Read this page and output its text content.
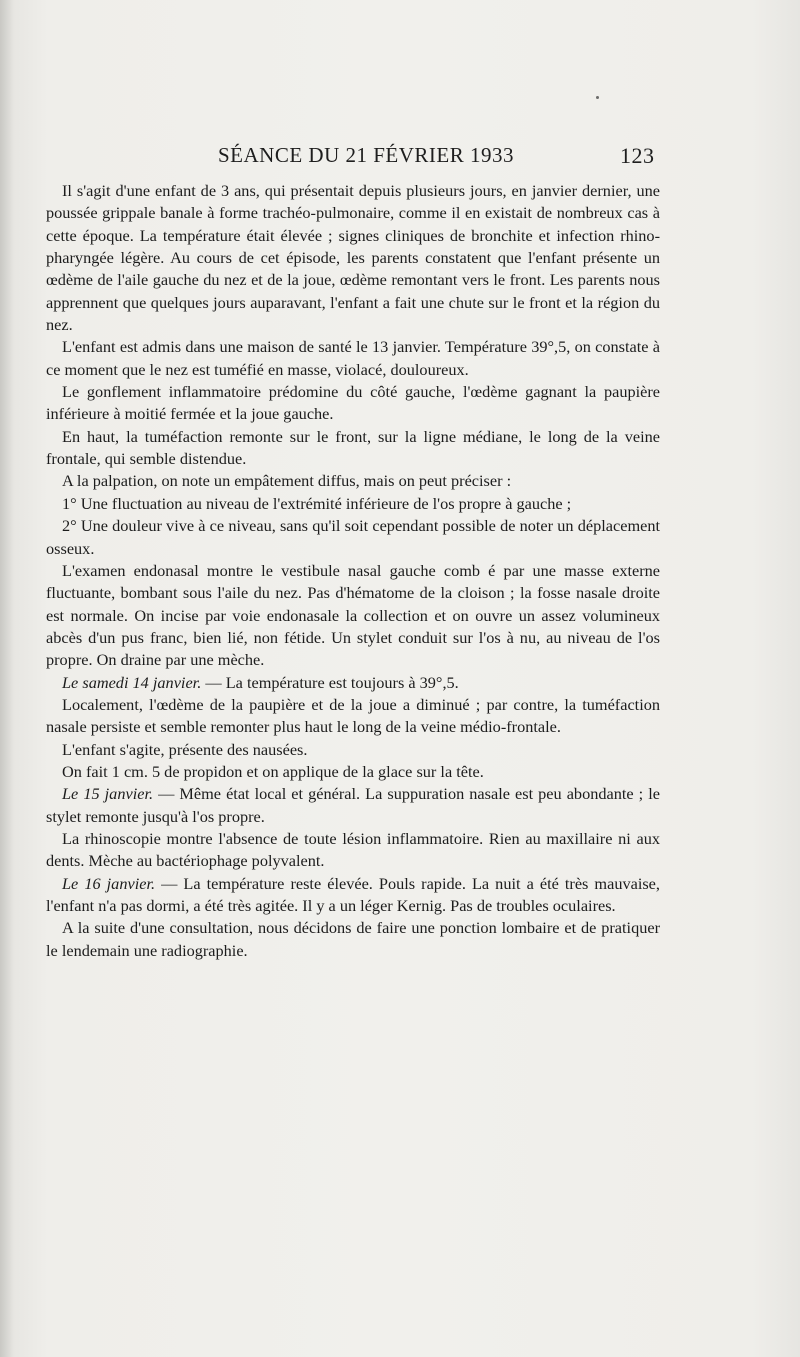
SÉANCE DU 21 FÉVRIER 1933	123

Il s'agit d'une enfant de 3 ans, qui présentait depuis plusieurs jours, en janvier dernier, une poussée grippale banale à forme trachéo-pulmonaire, comme il en existait de nombreux cas à cette époque. La température était élevée ; signes cliniques de bronchite et infection rhino-pharyngée légère. Au cours de cet épisode, les parents constatent que l'enfant présente un œdème de l'aile gauche du nez et de la joue, œdème remontant vers le front. Les parents nous apprennent que quelques jours auparavant, l'enfant a fait une chute sur le front et la région du nez.

L'enfant est admis dans une maison de santé le 13 janvier. Température 39°,5, on constate à ce moment que le nez est tuméfié en masse, violacé, douloureux.

Le gonflement inflammatoire prédomine du côté gauche, l'œdème gagnant la paupière inférieure à moitié fermée et la joue gauche.

En haut, la tuméfaction remonte sur le front, sur la ligne médiane, le long de la veine frontale, qui semble distendue.

A la palpation, on note un empâtement diffus, mais on peut préciser :

1° Une fluctuation au niveau de l'extrémité inférieure de l'os propre à gauche ;

2° Une douleur vive à ce niveau, sans qu'il soit cependant possible de noter un déplacement osseux.

L'examen endonasal montre le vestibule nasal gauche comb é par une masse externe fluctuante, bombant sous l'aile du nez. Pas d'hématome de la cloison ; la fosse nasale droite est normale. On incise par voie endonasale la collection et on ouvre un assez volumineux abcès d'un pus franc, bien lié, non fétide. Un stylet conduit sur l'os à nu, au niveau de l'os propre. On draine par une mèche.

Le samedi 14 janvier. — La température est toujours à 39°,5.

Localement, l'œdème de la paupière et de la joue a diminué ; par contre, la tuméfaction nasale persiste et semble remonter plus haut le long de la veine médio-frontale.

L'enfant s'agite, présente des nausées.

On fait 1 cm. 5 de propidon et on applique de la glace sur la tête.

Le 15 janvier. — Même état local et général. La suppuration nasale est peu abondante ; le stylet remonte jusqu'à l'os propre.

La rhinoscopie montre l'absence de toute lésion inflammatoire. Rien au maxillaire ni aux dents. Mèche au bactériophage polyvalent.

Le 16 janvier. — La température reste élevée. Pouls rapide. La nuit a été très mauvaise, l'enfant n'a pas dormi, a été très agitée. Il y a un léger Kernig. Pas de troubles oculaires.

A la suite d'une consultation, nous décidons de faire une ponction lombaire et de pratiquer le lendemain une radiographie.
